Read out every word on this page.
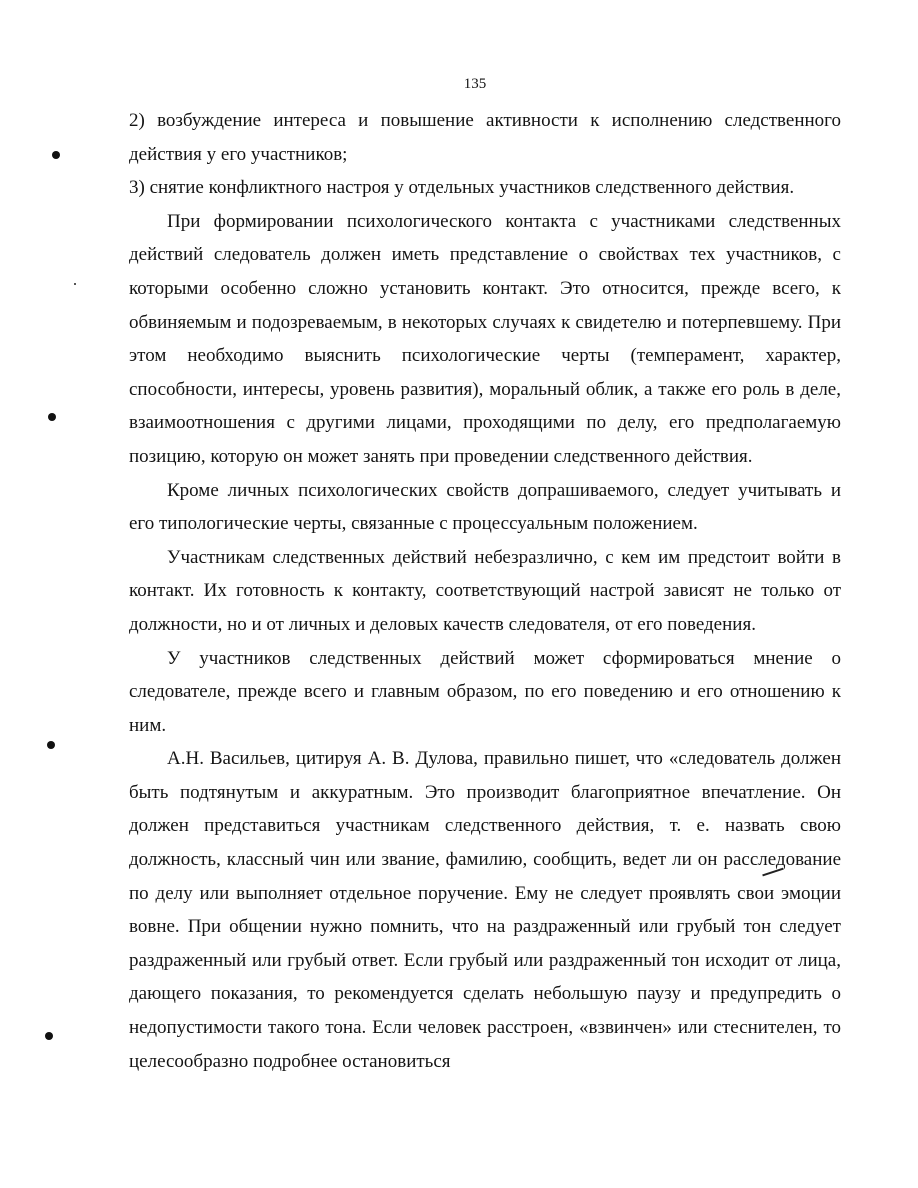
135

2) возбуждение интереса и повышение активности к исполнению следственного действия у его участников;

3) снятие конфликтного настроя у отдельных участников следственного действия.

При формировании психологического контакта с участниками следственных действий следователь должен иметь представление о свойствах тех участников, с которыми особенно сложно установить контакт. Это относится, прежде всего, к обвиняемым и подозреваемым, в некоторых случаях к свидетелю и потерпевшему. При этом необходимо выяснить психологические черты (темперамент, характер, способности, интересы, уровень развития), моральный облик, а также его роль в деле, взаимоотношения с другими лицами, проходящими по делу, его предполагаемую позицию, которую он может занять при проведении следственного действия.

Кроме личных психологических свойств допрашиваемого, следует учитывать и его типологические черты, связанные с процессуальным положением.

Участникам следственных действий небезразлично, с кем им предстоит войти в контакт. Их готовность к контакту, соответствующий настрой зависят не только от должности, но и от личных и деловых качеств следователя, от его поведения.

У участников следственных действий может сформироваться мнение о следователе, прежде всего и главным образом, по его поведению и его отношению к ним.

А.Н. Васильев, цитируя А. В. Дулова, правильно пишет, что «следователь должен быть подтянутым и аккуратным. Это производит благоприятное впечатление. Он должен представиться участникам следственного действия, т. е. назвать свою должность, классный чин или звание, фамилию, сообщить, ведет ли он расследование по делу или выполняет отдельное поручение. Ему не следует проявлять свои эмоции вовне. При общении нужно помнить, что на раздраженный или грубый тон следует раздраженный или грубый ответ. Если грубый или раздраженный тон исходит от лица, дающего показания, то рекомендуется сделать небольшую паузу и предупредить о недопустимости такого тона. Если человек расстроен, «взвинчен» или стеснителен, то целесообразно подробнее остановиться
